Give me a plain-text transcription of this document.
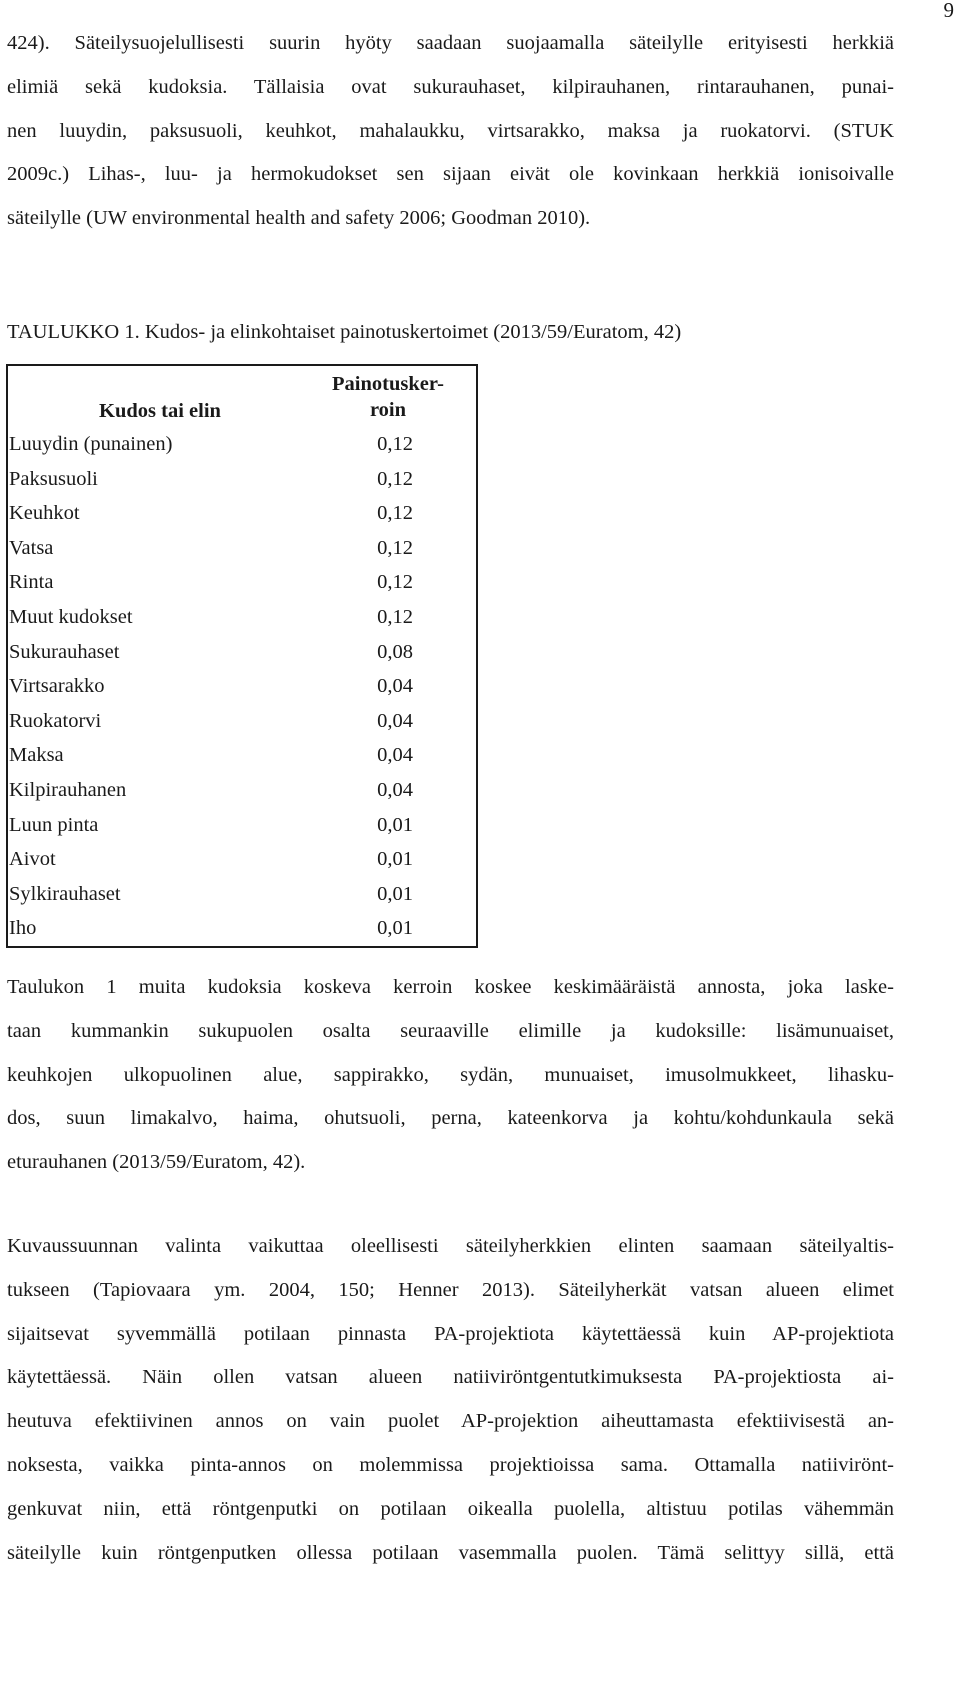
9
424). Säteilysuojelullisesti suurin hyöty saadaan suojaamalla säteilylle erityisesti herkkiä
elimiä sekä kudoksia. Tällaisia ovat sukurauhaset, kilpirauhanen, rintarauhanen, punai-
nen luuydin, paksusuoli, keuhkot, mahalaukku, virtsarakko, maksa ja ruokatorvi. (STUK
2009c.) Lihas-, luu- ja hermokudokset sen sijaan eivät ole kovinkaan herkkiä ionisoivalle
säteilylle (UW environmental health and safety 2006; Goodman 2010).
TAULUKKO 1. Kudos- ja elinkohtaiset painotuskertoimet (2013/59/Euratom, 42)
Kudos tai elin	Painotusker-
roin
Luuydin (punainen)	0,12
Paksusuoli	0,12
Keuhkot	0,12
Vatsa	0,12
Rinta	0,12
Muut kudokset	0,12
Sukurauhaset	0,08
Virtsarakko	0,04
Ruokatorvi	0,04
Maksa	0,04
Kilpirauhanen	0,04
Luun pinta	0,01
Aivot	0,01
Sylkirauhaset	0,01
Iho	0,01
Taulukon 1 muita kudoksia koskeva kerroin koskee keskimääräistä annosta, joka laske-
taan kummankin sukupuolen osalta seuraaville elimille ja kudoksille: lisämunuaiset,
keuhkojen ulkopuolinen alue, sappirakko, sydän, munuaiset, imusolmukkeet, lihasku-
dos, suun limakalvo, haima, ohutsuoli, perna, kateenkorva ja kohtu/kohdunkaula sekä
eturauhanen (2013/59/Euratom, 42).
Kuvaussuunnan valinta vaikuttaa oleellisesti säteilyherkkien elinten saamaan säteilyaltis-
tukseen (Tapiovaara ym. 2004, 150; Henner 2013). Säteilyherkät vatsan alueen elimet
sijaitsevat syvemmällä potilaan pinnasta PA-projektiota käytettäessä kuin AP-projektiota
käytettäessä. Näin ollen vatsan alueen natiiviröntgentutkimuksesta PA-projektiosta ai-
heutuva efektiivinen annos on vain puolet AP-projektion aiheuttamasta efektiivisestä an-
noksesta, vaikka pinta-annos on molemmissa projektioissa sama. Ottamalla natiivirönt-
genkuvat niin, että röntgenputki on potilaan oikealla puolella, altistuu potilas vähemmän
säteilylle kuin röntgenputken ollessa potilaan vasemmalla puolen. Tämä selittyy sillä, että
